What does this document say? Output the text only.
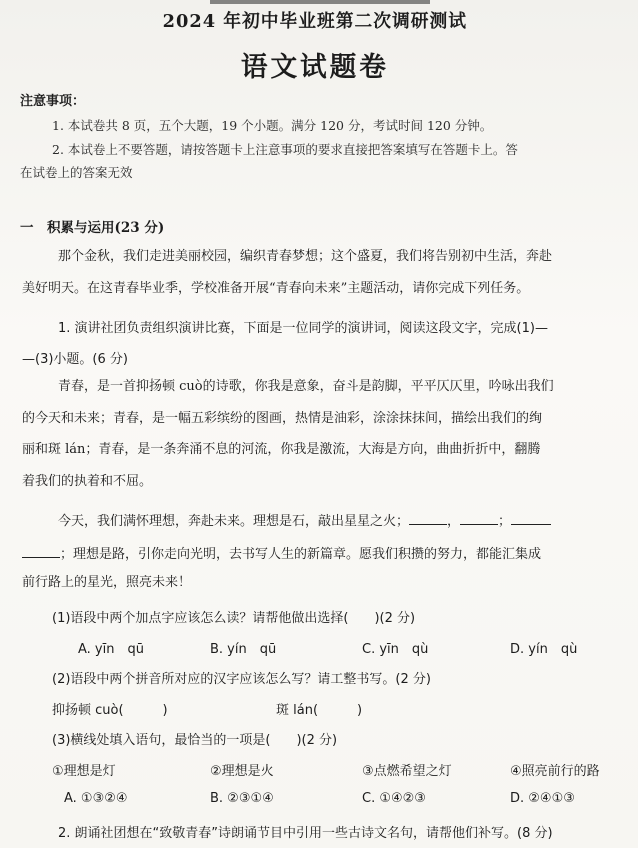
2024 年初中毕业班第二次调研测试
语文试题卷
注意事项：
1. 本试卷共 8 页，五个大题，19 个小题。满分 120 分，考试时间 120 分钟。
2. 本试卷上不要答题，请按答题卡上注意事项的要求直接把答案填写在答题卡上。答
在试卷上的答案无效
一　积累与运用(23 分)
那个金秋，我们走进美丽校园，编织青春梦想；这个盛夏，我们将告别初中生活，奔赴
美好明天。在这青春毕业季，学校准备开展“青春向未来”主题活动，请你完成下列任务。
1. 演讲社团负责组织演讲比赛，下面是一位同学的演讲词，阅读这段文字，完成(1)—
—(3)小题。(6 分)
青春，是一首抑扬顿 cuò的诗歌，你我是意象，奋斗是韵脚，平平仄仄里，吟咏出我们
的今天和未来；青春，是一幅五彩缤纷的图画，热情是油彩，涂涂抹抹间，描绘出我们的绚
丽和斑 lán；青春，是一条奔涌不息的河流，你我是激流，大海是方向，曲曲折折中，翻腾
着我们的执着和不屈。
今天，我们满怀理想，奔赴未来。理想是石，敲出星星之火；	，	；
；理想是路，引你走向光明，去书写人生的新篇章。愿我们积攒的努力，都能汇集成
前行路上的星光，照亮未来！
(1)语段中两个加点字应该怎么读？请帮他做出选择(　　)(2 分)
A. yīn　qū	B. yín　qū	C. yīn　qù	D. yín　qù
(2)语段中两个拼音所对应的汉字应该怎么写？请工整书写。(2 分)
抑扬顿 cuò(　　　)	斑 lán(　　　)
(3)横线处填入语句，最恰当的一项是(　　)(2 分)
①理想是灯	②理想是火	③点燃希望之灯	④照亮前行的路
A. ①③②④	B. ②③①④	C. ①④②③	D. ②④①③
2. 朗诵社团想在“致敬青春”诗朗诵节目中引用一些古诗文名句，请帮他们补写。(8 分)
